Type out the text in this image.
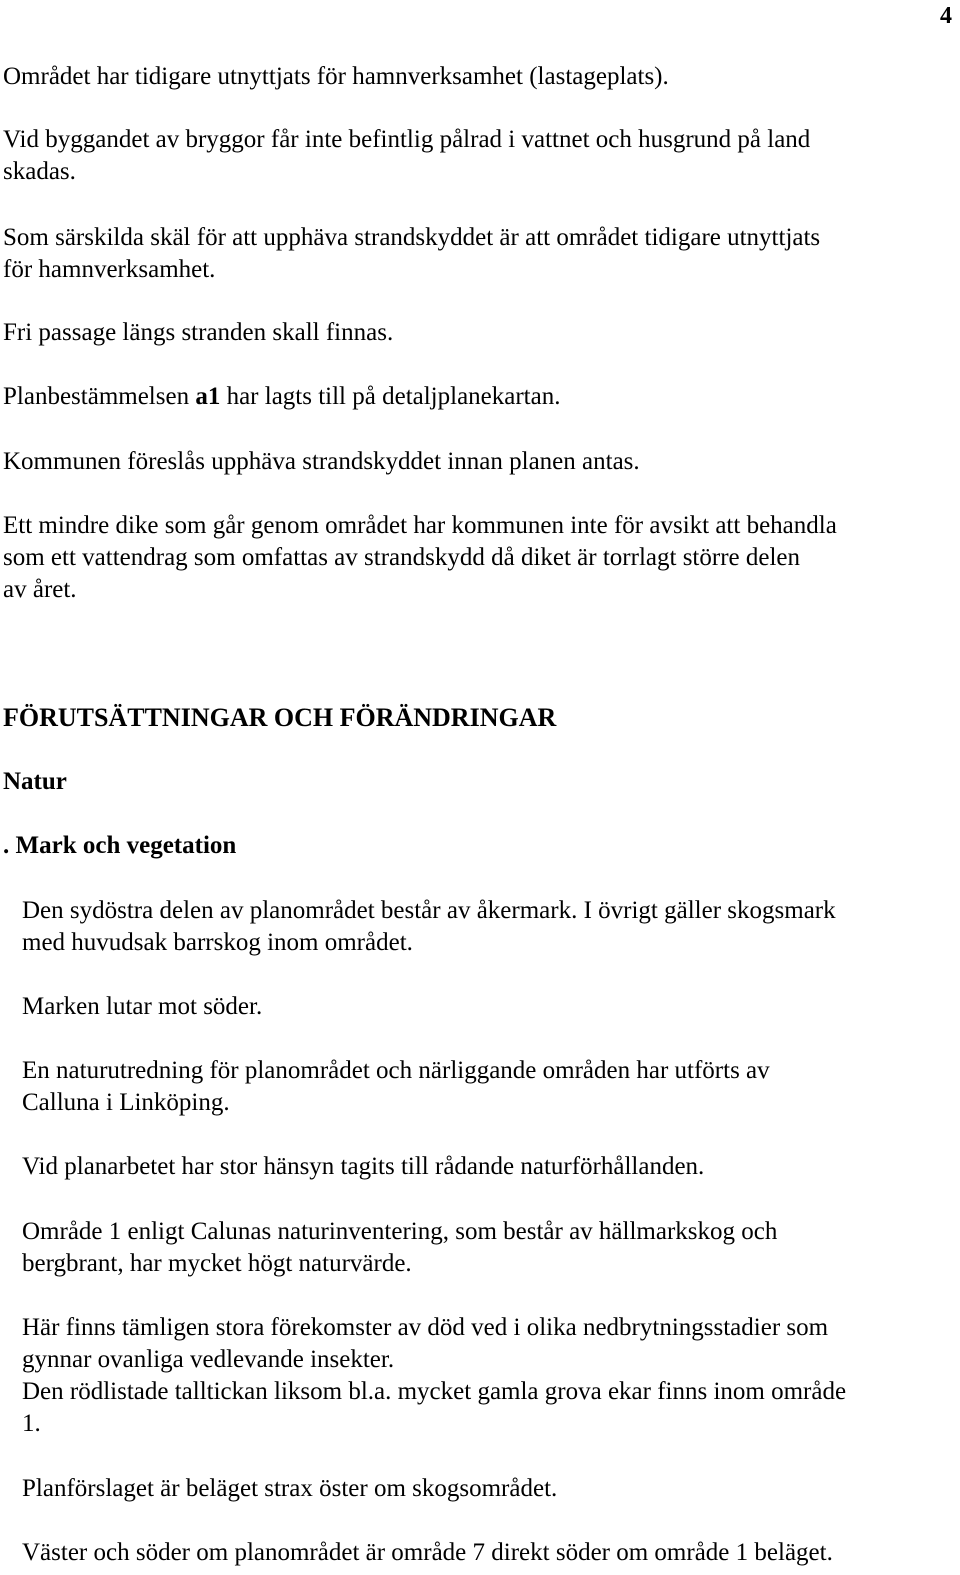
4

Området har tidigare utnyttjats för hamnverksamhet (lastageplats).

Vid byggandet av bryggor får inte befintlig pålrad i vattnet och husgrund på land

skadas.

Som särskilda skäl för att upphäva strandskyddet är att området tidigare utnyttjats

för hamnverksamhet.

Fri passage längs stranden skall finnas.

Planbestämmelsen a1 har lagts till på detaljplanekartan.

Kommunen föreslås upphäva strandskyddet innan planen antas.

Ett mindre dike som går genom området har kommunen inte för avsikt att behandla

som ett vattendrag som omfattas av strandskydd då diket är torrlagt större delen

av året.

FÖRUTSÄTTNINGAR OCH FÖRÄNDRINGAR

Natur

. Mark och vegetation

Den sydöstra delen av planområdet består av åkermark. I övrigt gäller skogsmark

med huvudsak barrskog inom området.

Marken lutar mot söder.

En naturutredning för planområdet och närliggande områden har utförts av

Calluna i Linköping.

Vid planarbetet har stor hänsyn tagits till rådande naturförhållanden.

Område 1 enligt Calunas naturinventering, som består av hällmarkskog och

bergbrant, har mycket högt naturvärde.

Här finns tämligen stora förekomster av död ved i olika nedbrytningsstadier som

gynnar ovanliga vedlevande insekter.

Den rödlistade talltickan liksom bl.a. mycket gamla grova ekar finns inom område

1.

Planförslaget är beläget strax öster om skogsområdet.

Väster och söder om planområdet är område 7 direkt söder om område 1 beläget.
